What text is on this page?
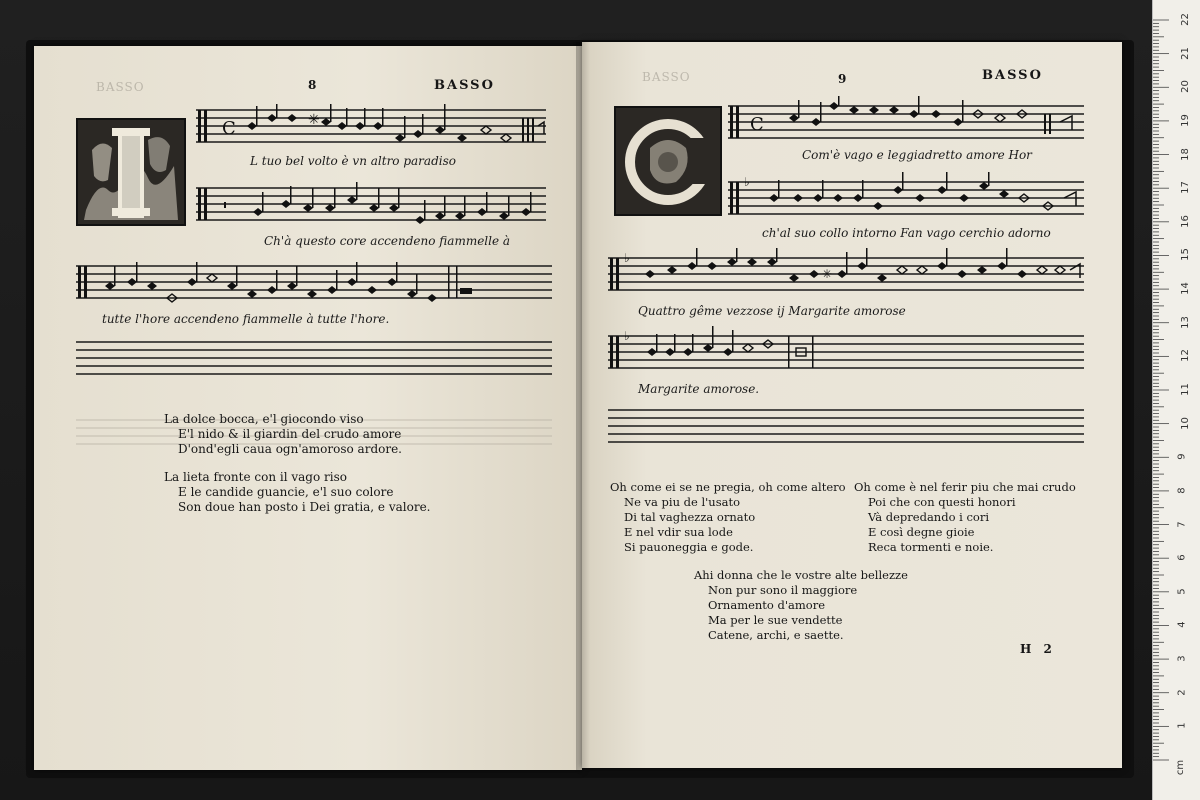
BASSO	8	BASSO
C	✳
L tuo bel volto è vn altro paradiso
Ch'à questo core accendeno fiammelle à
tutte l'hore accendeno fiammelle à tutte l'hore.
La dolce bocca, e'l giocondo viso
E'l nido & il giardin del crudo amore
D'ond'egli caua ogn'amoroso ardore.
La lieta fronte con il vago riso
E le candide guancie, e'l suo colore
Son doue han posto i Dei gratia, e valore.
BASSO	9	BASSO
C
Com'è vago e leggiadretto amore Hor
♭
ch'al suo collo intorno Fan vago cerchio adorno
♭
✳
Quattro gême vezzose ij Margarite amorose
♭
Margarite amorose.
Oh come ei se ne pregia, oh come altero
Ne va piu de l'usato
Di tal vaghezza ornato
E nel vdir sua lode
Si pauoneggia e gode.
Oh come è nel ferir piu che mai crudo
Poi che con questi honori
Và depredando i cori
E così degne gioie
Reca tormenti e noie.
Ahi donna che le vostre alte bellezze
Non pur sono il maggiore
Ornamento d'amore
Ma per le sue vendette
Catene, archi, e saette.
H 2
1
2
3
4
5
6
7
8
9
10
11
12
13
14
15
16
17
18
19
20
21
22
cm
